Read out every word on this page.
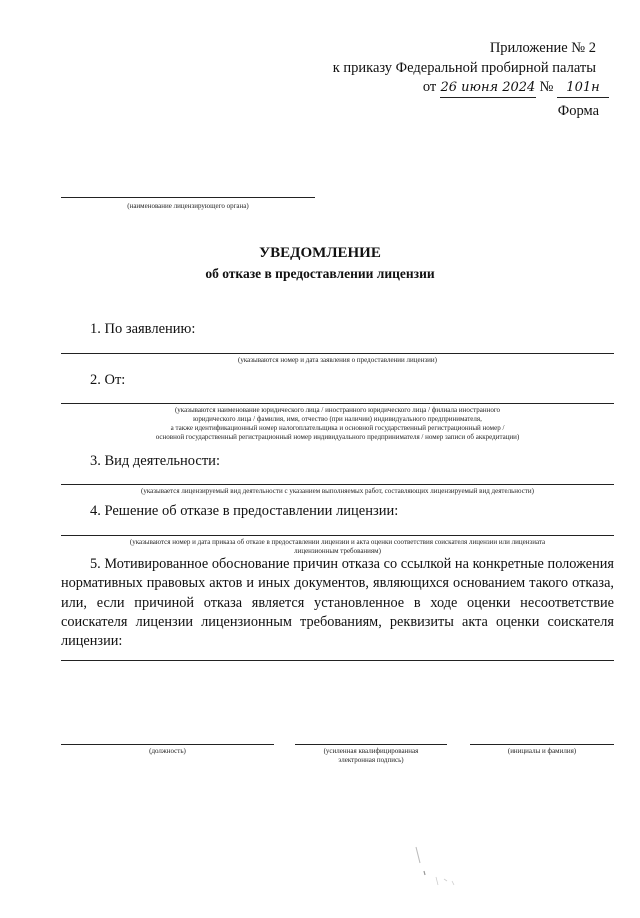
Приложение № 2
к приказу Федеральной пробирной палаты
от 26 июня 2024 № 101н
Форма
(наименование лицензирующего органа)
УВЕДОМЛЕНИЕ
об отказе в предоставлении лицензии
1. По заявлению:
(указываются номер и дата заявления о предоставлении лицензии)
2. От:
(указываются наименование юридического лица / иностранного юридического лица / филиала иностранного
юридического лица / фамилия, имя, отчество (при наличии) индивидуального предпринимателя,
а также идентификационный номер налогоплательщика и основной государственный регистрационный номер /
основной государственный регистрационный номер индивидуального предпринимателя / номер записи об аккредитации)
3. Вид деятельности:
(указывается лицензируемый вид деятельности с указанием выполняемых работ, составляющих лицензируемый вид деятельности)
4. Решение об отказе в предоставлении лицензии:
(указываются номер и дата приказа об отказе в предоставлении лицензии и акта оценки соответствия соискателя лицензии или лицензиата
лицензионным требованиям)

5. Мотивированное обоснование причин отказа со ссылкой на конкретные положения нормативных правовых актов и иных документов, являющихся основанием такого отказа, или, если причиной отказа является установленное в ходе оценки несоответствие соискателя лицензии лицензионным требованиям, реквизиты акта оценки соискателя лицензии:

(должность)	(усиленная квалифицированная
электронная подпись)
(инициалы и фамилия)
